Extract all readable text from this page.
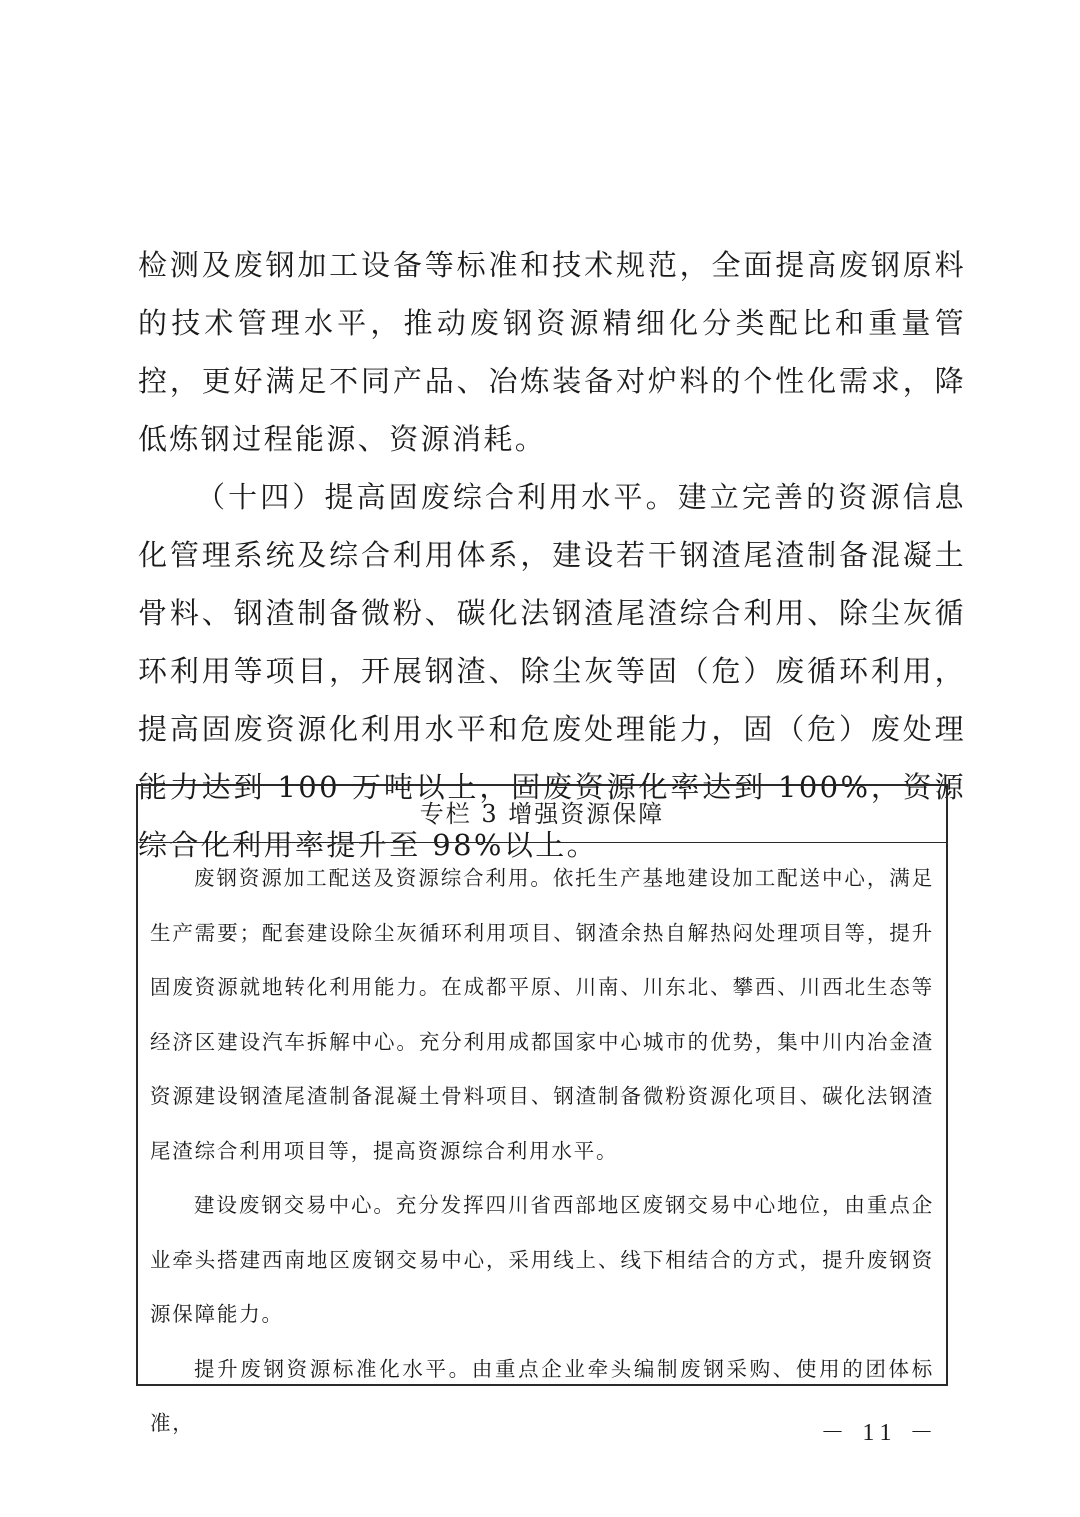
检测及废钢加工设备等标准和技术规范，全面提高废钢原料的技术管理水平，推动废钢资源精细化分类配比和重量管控，更好满足不同产品、冶炼装备对炉料的个性化需求，降低炼钢过程能源、资源消耗。

（十四）提高固废综合利用水平。建立完善的资源信息化管理系统及综合利用体系，建设若干钢渣尾渣制备混凝土骨料、钢渣制备微粉、碳化法钢渣尾渣综合利用、除尘灰循环利用等项目，开展钢渣、除尘灰等固（危）废循环利用，提高固废资源化利用水平和危废处理能力，固（危）废处理能力达到 100 万吨以上，固废资源化率达到 100%，资源综合化利用率提升至 98%以上。

专栏 3 增强资源保障

废钢资源加工配送及资源综合利用。依托生产基地建设加工配送中心，满足生产需要；配套建设除尘灰循环利用项目、钢渣余热自解热闷处理项目等，提升固废资源就地转化利用能力。在成都平原、川南、川东北、攀西、川西北生态等经济区建设汽车拆解中心。充分利用成都国家中心城市的优势，集中川内冶金渣资源建设钢渣尾渣制备混凝土骨料项目、钢渣制备微粉资源化项目、碳化法钢渣尾渣综合利用项目等，提高资源综合利用水平。

建设废钢交易中心。充分发挥四川省西部地区废钢交易中心地位，由重点企业牵头搭建西南地区废钢交易中心，采用线上、线下相结合的方式，提升废钢资源保障能力。

提升废钢资源标准化水平。由重点企业牵头编制废钢采购、使用的团体标准，	－ 11 －
